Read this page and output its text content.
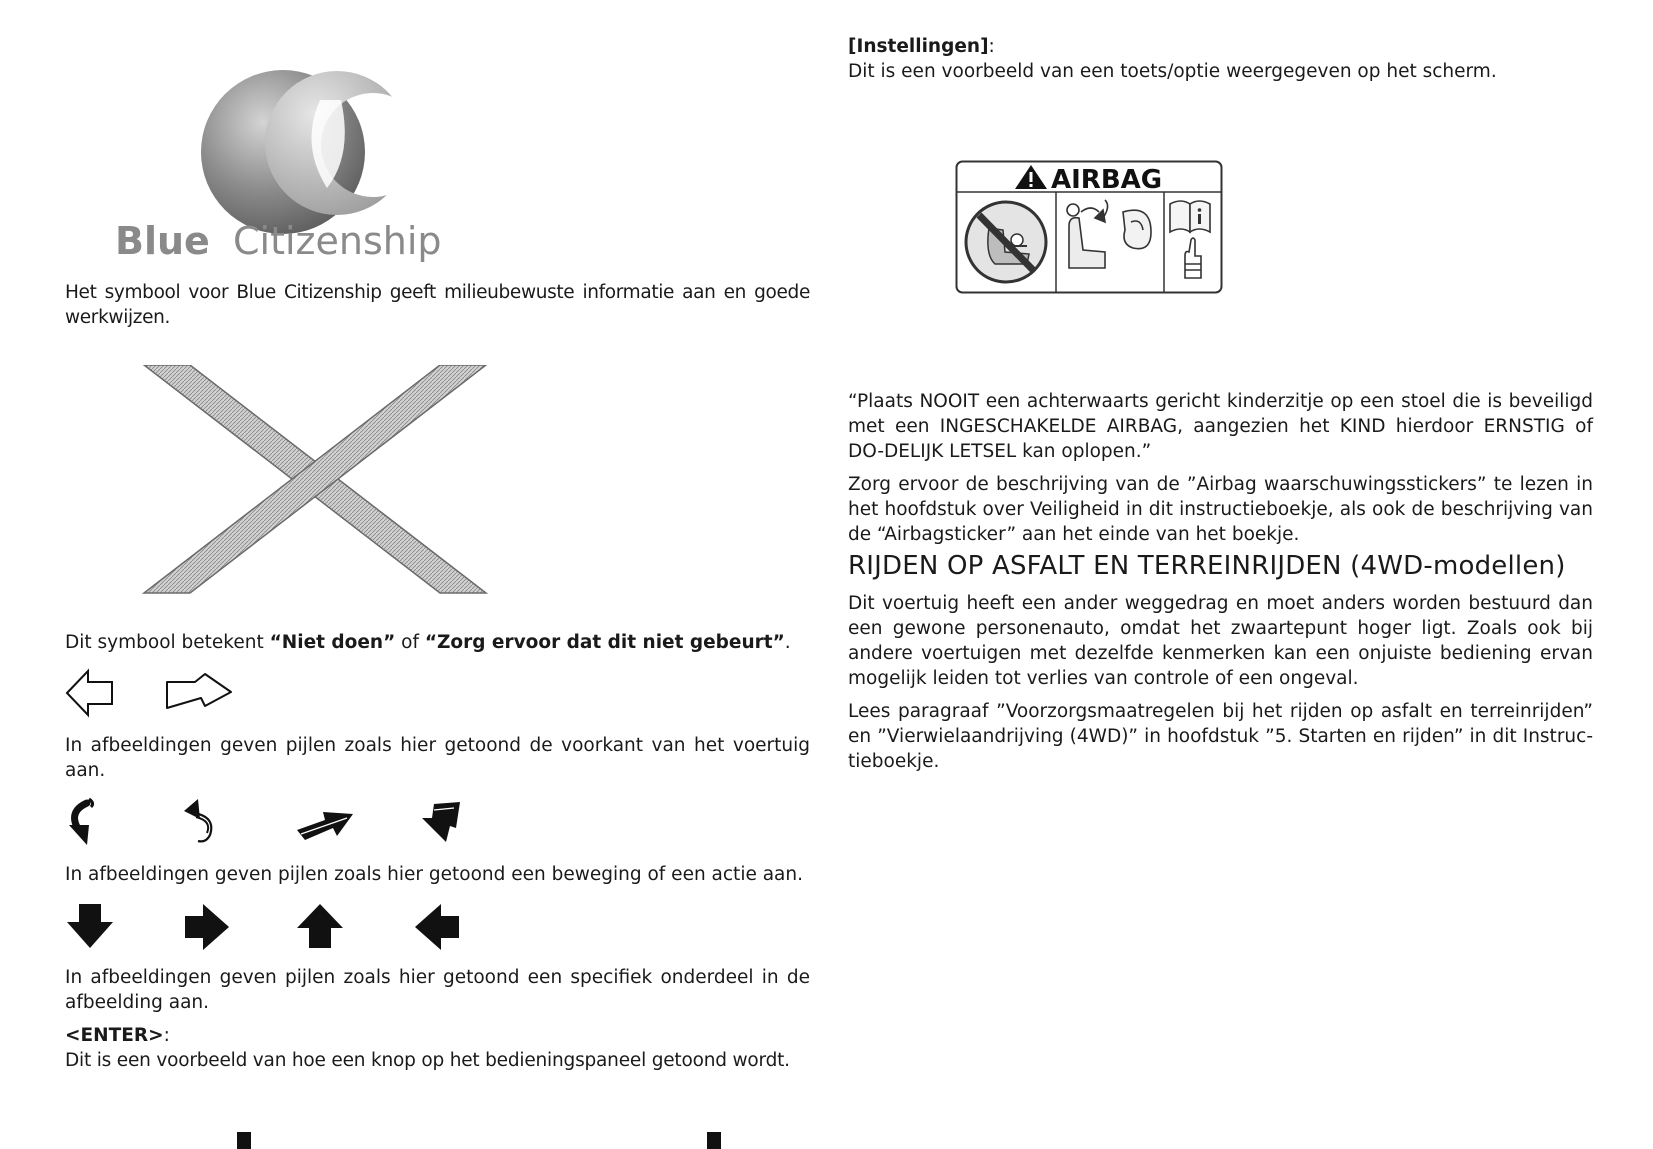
Blue Citizenship

Het symbool voor Blue Citizenship geeft milieubewuste informatie aan en goede werkwijzen.

Dit symbool betekent “Niet doen” of “Zorg ervoor dat dit niet gebeurt”.

In afbeeldingen geven pijlen zoals hier getoond de voorkant van het voertuig aan.

In afbeeldingen geven pijlen zoals hier getoond een beweging of een actie aan.

In afbeeldingen geven pijlen zoals hier getoond een specifiek onderdeel in de afbeelding aan.

<ENTER>:

Dit is een voorbeeld van hoe een knop op het bedieningspaneel getoond wordt.

[Instellingen]:

Dit is een voorbeeld van een toets/optie weergegeven op het scherm.

AIRBAG

“Plaats NOOIT een achterwaarts gericht kinderzitje op een stoel die is beveiligd met een INGESCHAKELDE AIRBAG, aangezien het KIND hierdoor ERNSTIG of DO-DELIJK LETSEL kan oplopen.”

Zorg ervoor de beschrijving van de ”Airbag waarschuwingsstickers” te lezen in het hoofdstuk over Veiligheid in dit instructieboekje, als ook de beschrijving van de “Airbagsticker” aan het einde van het boekje.

RIJDEN OP ASFALT EN TERREINRIJDEN (4WD-modellen)

Dit voertuig heeft een ander weggedrag en moet anders worden bestuurd dan een gewone personenauto, omdat het zwaartepunt hoger ligt. Zoals ook bij andere voertuigen met dezelfde kenmerken kan een onjuiste bediening ervan mogelijk leiden tot verlies van controle of een ongeval.

Lees paragraaf ”Voorzorgsmaatregelen bij het rijden op asfalt en terreinrijden” en ”Vierwielaandrijving (4WD)” in hoofdstuk ”5. Starten en rijden” in dit Instruc-tieboekje.
